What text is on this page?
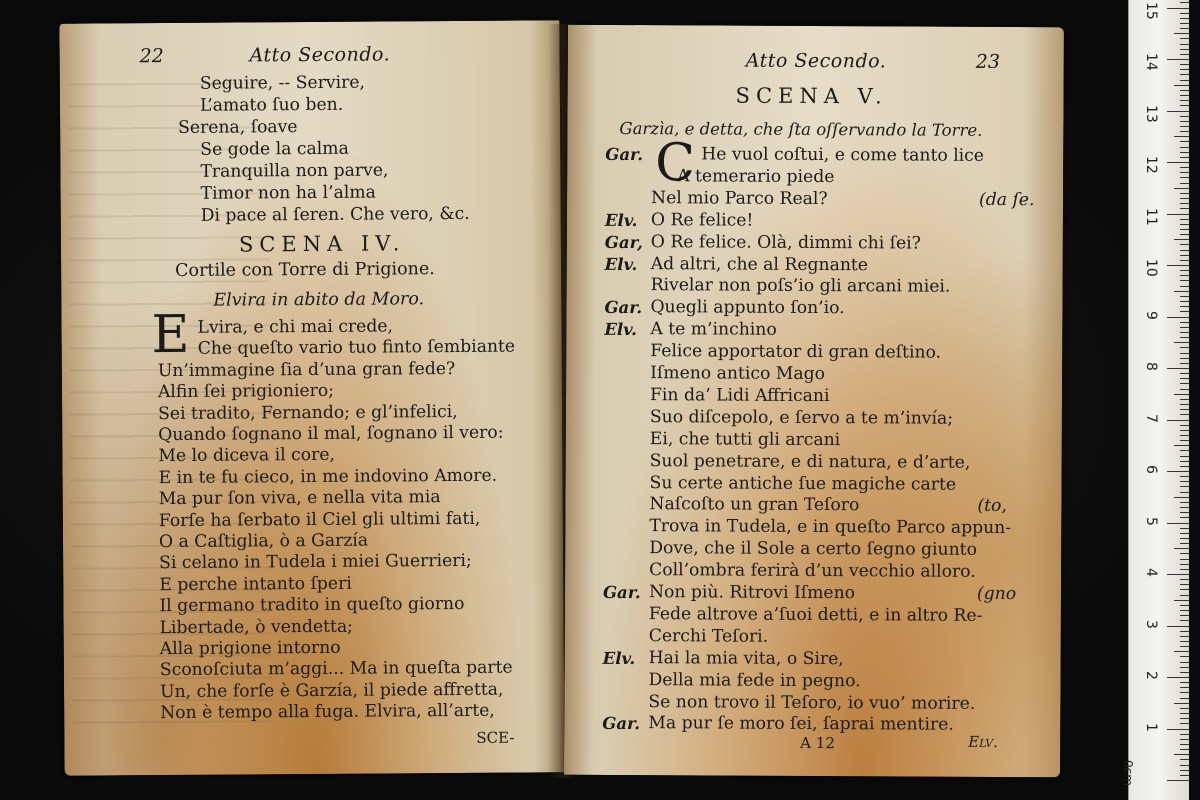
22	Atto Secondo.
Seguire, -- Servire,
L’amato ſuo ben.
Serena, ſoave
Se gode la calma
Tranquilla non parve,
Timor non ha l’alma
Di pace al ſeren. Che vero, &c.
SCENA IV.
Cortile con Torre di Prigione.
Elvira in abito da Moro.
E Lvira, e chi mai crede,
Che queſto vario tuo finto ſembiante
Un’immagine ſia d’una gran fede?
Alfin ſei prigioniero;
Sei tradito, Fernando; e gl’infelici,
Quando ſognano il mal, ſognano il vero:
Me lo diceva il core,
E in te fu cieco, in me indovino Amore.
Ma pur ſon viva, e nella vita mia
Forſe ha ſerbato il Ciel gli ultimi fati,
O a Caſtiglia, ò a Garzía
Si celano in Tudela i miei Guerrieri;
E perche intanto ſperi
Il germano tradito in queſto giorno
Libertade, ò vendetta;
Alla prigione intorno
Sconoſciuta m’aggi... Ma in queſta parte
Un, che forſe è Garzía, il piede affretta,
Non è tempo alla fuga. Elvira, all’arte,
SCE-
Atto Secondo.	23
SCENA V.
Garzìa, e detta, che ſta oſſervando la Torre.
C
Gar.	He vuol coſtui, e come tanto lice
A temerario piede
Nel mio Parco Real?	(da ſe.
Elv. O Re felice!
Gar, O Re felice. Olà, dimmi chi ſei?
Elv. Ad altri, che al Regnante
Rivelar non poſs’io gli arcani miei.
Gar. Quegli appunto ſon’io.
Elv. A te m’inchino
Felice apportator di gran deſtino.
Iſmeno antico Mago
Fin da’ Lidi Affricani
Suo diſcepolo, e ſervo a te m’invía;
Ei, che tutti gli arcani
Suol penetrare, e di natura, e d’arte,
Su certe antiche ſue magiche carte
Naſcoſto un gran Teſoro	(to,
Trova in Tudela, e in queſto Parco appun-
Dove, che il Sole a certo ſegno giunto
Coll’ombra ferirà d’un vecchio alloro.
Gar. Non più. Ritrovi Iſmeno	(gno
Fede altrove a’ſuoi detti, e in altro Re-
Cerchi Teſori.
Elv. Hai la mia vita, o Sire,
Della mia fede in pegno.
Se non trovo il Teſoro, io vuo’ morire.
Gar. Ma pur ſe moro ſei, ſaprai mentire.
A 12	Elv.
0cm
1
2
3
4
5
6
7
8
9
10
11
12
13
14
15
